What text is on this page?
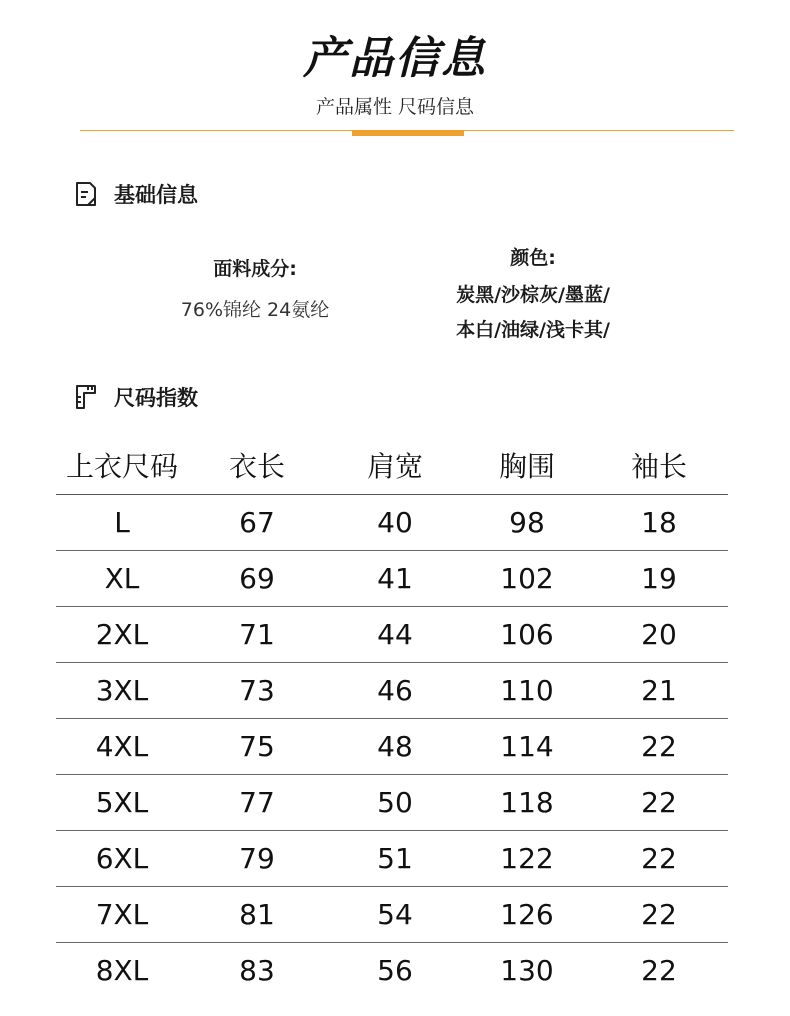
产品信息
产品属性 尺码信息
基础信息
面料成分:
76%锦纶 24氨纶
颜色:
炭黑/沙棕灰/墨蓝/
本白/油绿/浅卡其/
尺码指数
上衣尺码	衣长	肩宽	胸围	袖长
L	67	40	98	18
XL	69	41	102	19
2XL	71	44	106	20
3XL	73	46	110	21
4XL	75	48	114	22
5XL	77	50	118	22
6XL	79	51	122	22
7XL	81	54	126	22
8XL	83	56	130	22
